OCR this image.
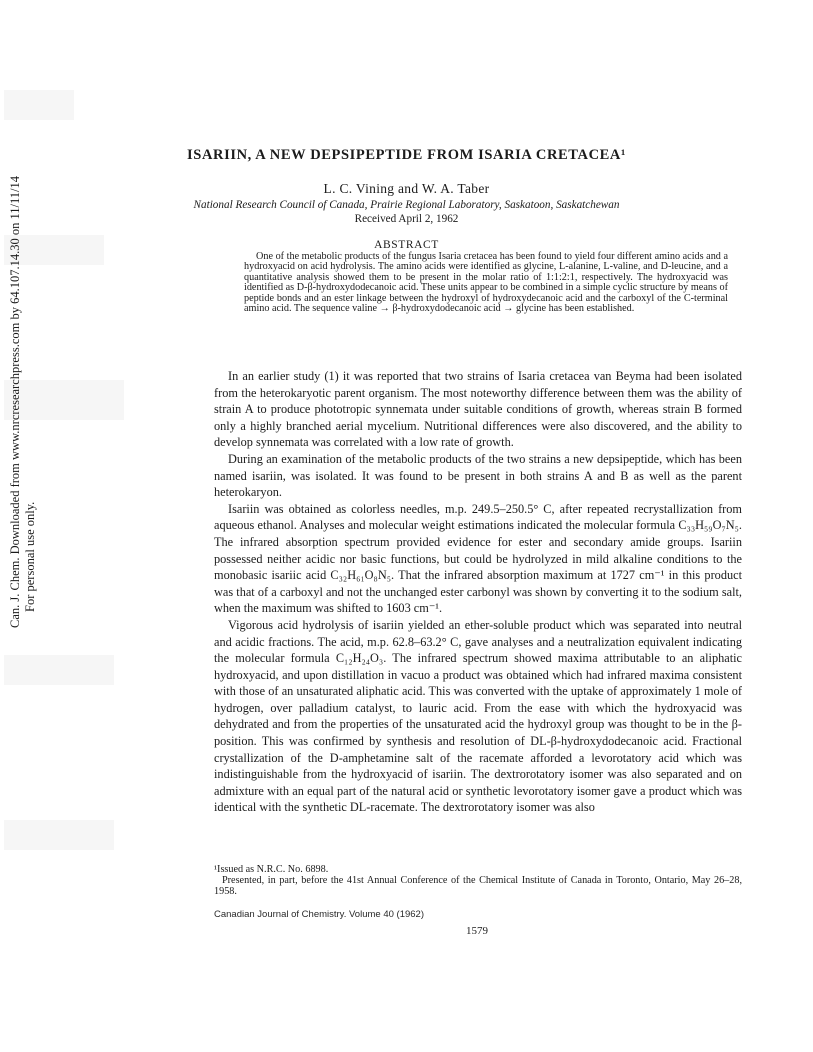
Can. J. Chem. Downloaded from www.nrcresearchpress.com by 64.107.14.30 on 11/11/14 For personal use only.
ISARIIN, A NEW DEPSIPEPTIDE FROM ISARIA CRETACEA¹
L. C. Vining and W. A. Taber
National Research Council of Canada, Prairie Regional Laboratory, Saskatoon, Saskatchewan
Received April 2, 1962
ABSTRACT

One of the metabolic products of the fungus Isaria cretacea has been found to yield four different amino acids and a hydroxyacid on acid hydrolysis. The amino acids were identified as glycine, L-alanine, L-valine, and D-leucine, and a quantitative analysis showed them to be present in the molar ratio of 1:1:2:1, respectively. The hydroxyacid was identified as D-β-hydroxydodecanoic acid. These units appear to be combined in a simple cyclic structure by means of peptide bonds and an ester linkage between the hydroxyl of hydroxydecanoic acid and the carboxyl of the C-terminal amino acid. The sequence valine → β-hydroxydodecanoic acid → glycine has been established.

In an earlier study (1) it was reported that two strains of Isaria cretacea van Beyma had been isolated from the heterokaryotic parent organism. The most noteworthy difference between them was the ability of strain A to produce phototropic synnemata under suitable conditions of growth, whereas strain B formed only a highly branched aerial mycelium. Nutritional differences were also discovered, and the ability to develop synnemata was correlated with a low rate of growth.

During an examination of the metabolic products of the two strains a new depsipeptide, which has been named isariin, was isolated. It was found to be present in both strains A and B as well as the parent heterokaryon.

Isariin was obtained as colorless needles, m.p. 249.5–250.5° C, after repeated recrystallization from aqueous ethanol. Analyses and molecular weight estimations indicated the molecular formula C₃₃H₅₉O₇N₅. The infrared absorption spectrum provided evidence for ester and secondary amide groups. Isariin possessed neither acidic nor basic functions, but could be hydrolyzed in mild alkaline conditions to the monobasic isariic acid C₃₂H₆₁O₈N₅. That the infrared absorption maximum at 1727 cm⁻¹ in this product was that of a carboxyl and not the unchanged ester carbonyl was shown by converting it to the sodium salt, when the maximum was shifted to 1603 cm⁻¹.

Vigorous acid hydrolysis of isariin yielded an ether-soluble product which was separated into neutral and acidic fractions. The acid, m.p. 62.8–63.2° C, gave analyses and a neutralization equivalent indicating the molecular formula C₁₂H₂₄O₃. The infrared spectrum showed maxima attributable to an aliphatic hydroxyacid, and upon distillation in vacuo a product was obtained which had infrared maxima consistent with those of an unsaturated aliphatic acid. This was converted with the uptake of approximately 1 mole of hydrogen, over palladium catalyst, to lauric acid. From the ease with which the hydroxyacid was dehydrated and from the properties of the unsaturated acid the hydroxyl group was thought to be in the β-position. This was confirmed by synthesis and resolution of DL-β-hydroxydodecanoic acid. Fractional crystallization of the D-amphetamine salt of the racemate afforded a levorotatory acid which was indistinguishable from the hydroxyacid of isariin. The dextrorotatory isomer was also separated and on admixture with an equal part of the natural acid or synthetic levorotatory isomer gave a product which was identical with the synthetic DL-racemate. The dextrorotatory isomer was also

¹Issued as N.R.C. No. 6898.
Presented, in part, before the 41st Annual Conference of the Chemical Institute of Canada in Toronto, Ontario, May 26–28, 1958.
Canadian Journal of Chemistry. Volume 40 (1962)
1579
